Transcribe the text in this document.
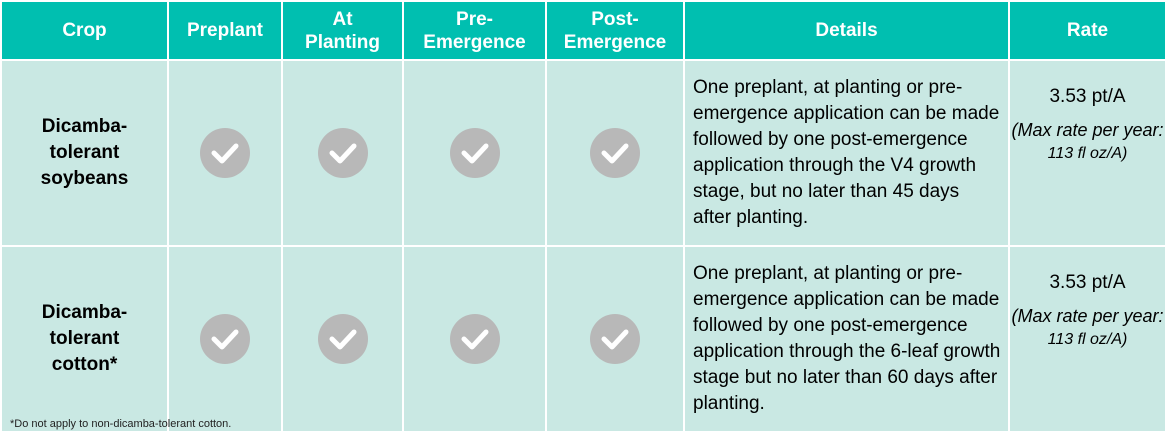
Crop	Preplant	At Planting	Pre-Emergence	Post-Emergence	Details	Rate
Dicamba-tolerant soybeans					One preplant, at planting or pre-emergence application can be made followed by one post-emergence application through the V4 growth stage, but no later than 45 days after planting.	3.53 pt/A
(Max rate per year:
113 fl oz/A)

Dicamba-tolerant cotton*					One preplant, at planting or pre-emergence application can be made followed by one post-emergence application through the 6-leaf growth stage but no later than 60 days after planting.	3.53 pt/A
(Max rate per year:
113 fl oz/A)
*Do not apply to non-dicamba-tolerant cotton.
